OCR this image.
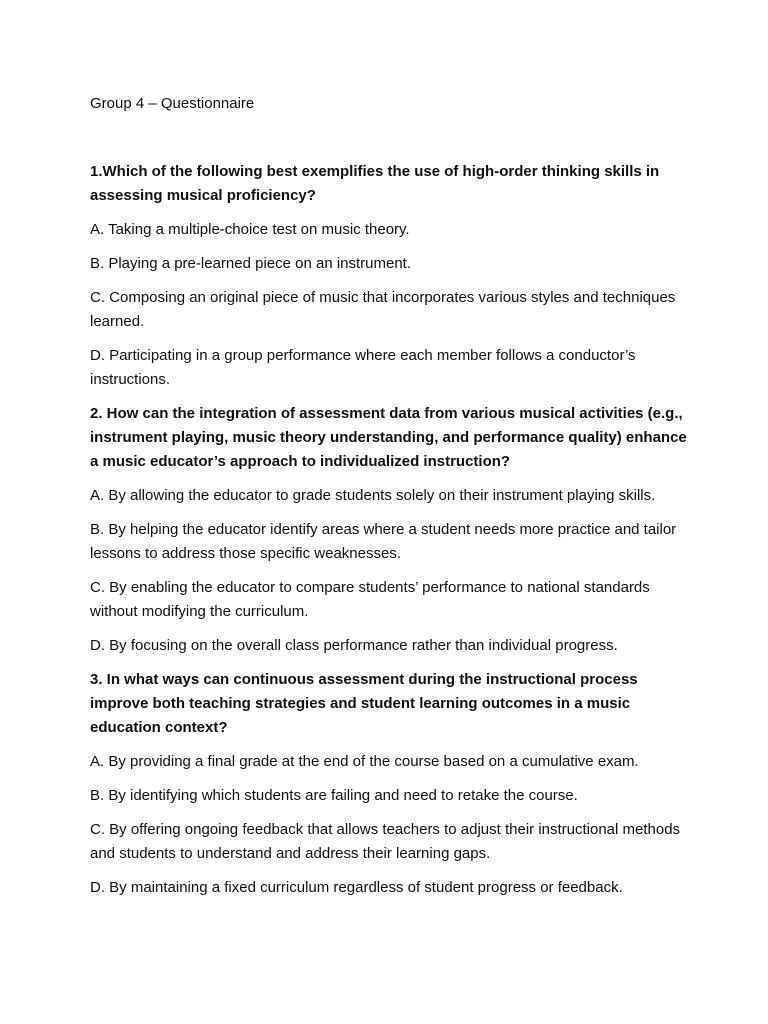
Group 4 – Questionnaire
1.Which of the following best exemplifies the use of high-order thinking skills in assessing musical proficiency?
A. Taking a multiple-choice test on music theory.
B. Playing a pre-learned piece on an instrument.
C. Composing an original piece of music that incorporates various styles and techniques learned.
D. Participating in a group performance where each member follows a conductor’s instructions.
2. How can the integration of assessment data from various musical activities (e.g., instrument playing, music theory understanding, and performance quality) enhance a music educator’s approach to individualized instruction?
A. By allowing the educator to grade students solely on their instrument playing skills.
B. By helping the educator identify areas where a student needs more practice and tailor lessons to address those specific weaknesses.
C. By enabling the educator to compare students’ performance to national standards without modifying the curriculum.
D. By focusing on the overall class performance rather than individual progress.
3. In what ways can continuous assessment during the instructional process improve both teaching strategies and student learning outcomes in a music education context?
A. By providing a final grade at the end of the course based on a cumulative exam.
B. By identifying which students are failing and need to retake the course.
C. By offering ongoing feedback that allows teachers to adjust their instructional methods and students to understand and address their learning gaps.
D. By maintaining a fixed curriculum regardless of student progress or feedback.
